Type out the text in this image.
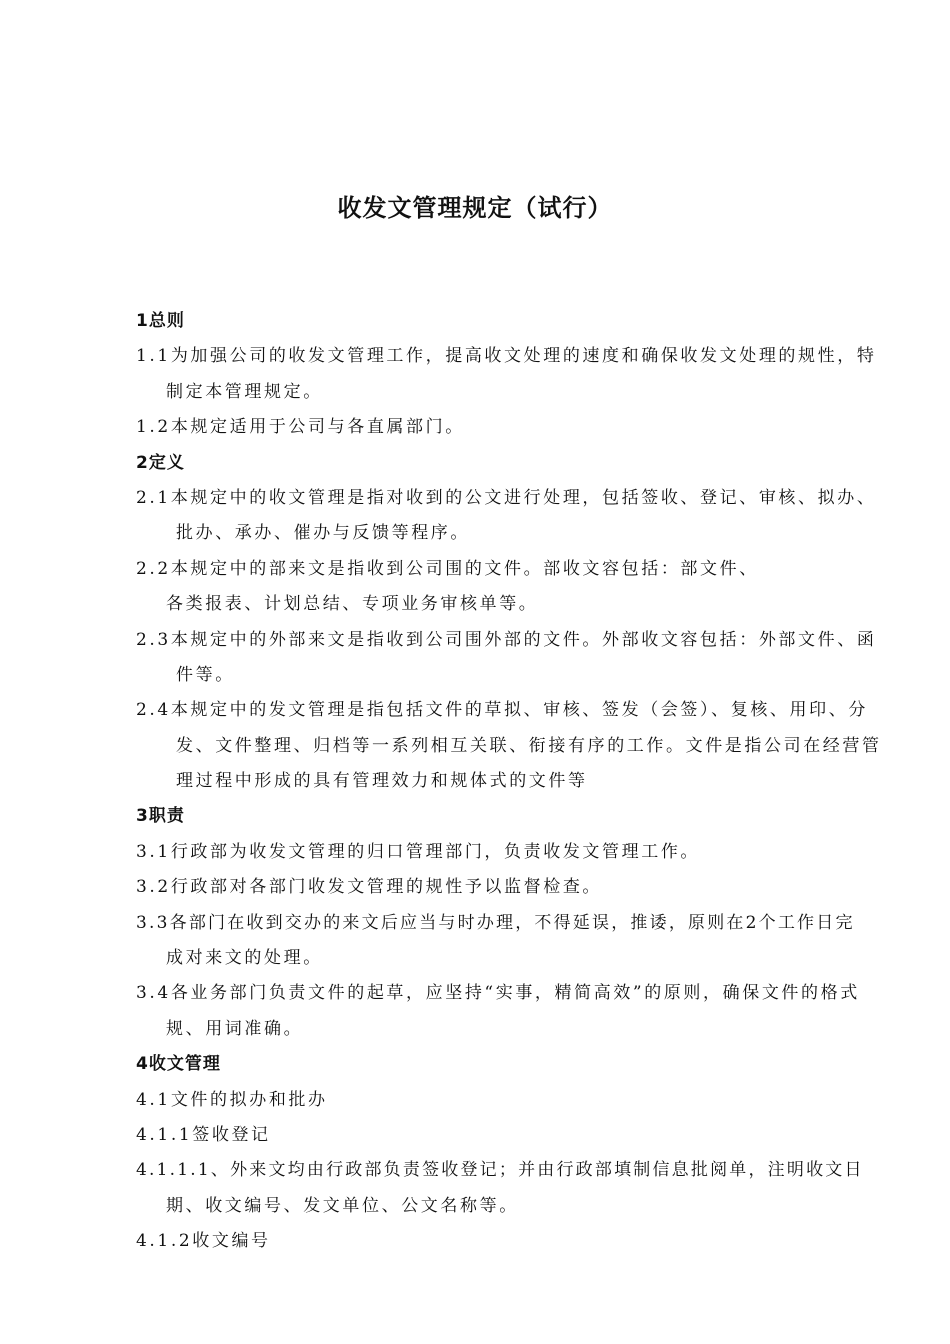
收发文管理规定（试行）
1总则
1.1为加强公司的收发文管理工作，提高收文处理的速度和确保收发文处理的规性，特
制定本管理规定。
1.2本规定适用于公司与各直属部门。
2定义
2.1本规定中的收文管理是指对收到的公文进行处理，包括签收、登记、审核、拟办、
批办、承办、催办与反馈等程序。
2.2本规定中的部来文是指收到公司围的文件。部收文容包括：部文件、
各类报表、计划总结、专项业务审核单等。
2.3本规定中的外部来文是指收到公司围外部的文件。外部收文容包括：外部文件、函
件等。
2.4本规定中的发文管理是指包括文件的草拟、审核、签发（会签）、复核、用印、分
发、文件整理、归档等一系列相互关联、衔接有序的工作。文件是指公司在经营管
理过程中形成的具有管理效力和规体式的文件等
3职责
3.1行政部为收发文管理的归口管理部门，负责收发文管理工作。
3.2行政部对各部门收发文管理的规性予以监督检查。
3.3各部门在收到交办的来文后应当与时办理，不得延误，推诿，原则在2个工作日完
成对来文的处理。
3.4各业务部门负责文件的起草，应坚持“实事，精简高效”的原则，确保文件的格式
规、用词准确。
4收文管理
4.1文件的拟办和批办
4.1.1签收登记
4.1.1.1、外来文均由行政部负责签收登记；并由行政部填制信息批阅单，注明收文日
期、收文编号、发文单位、公文名称等。
4.1.2收文编号
